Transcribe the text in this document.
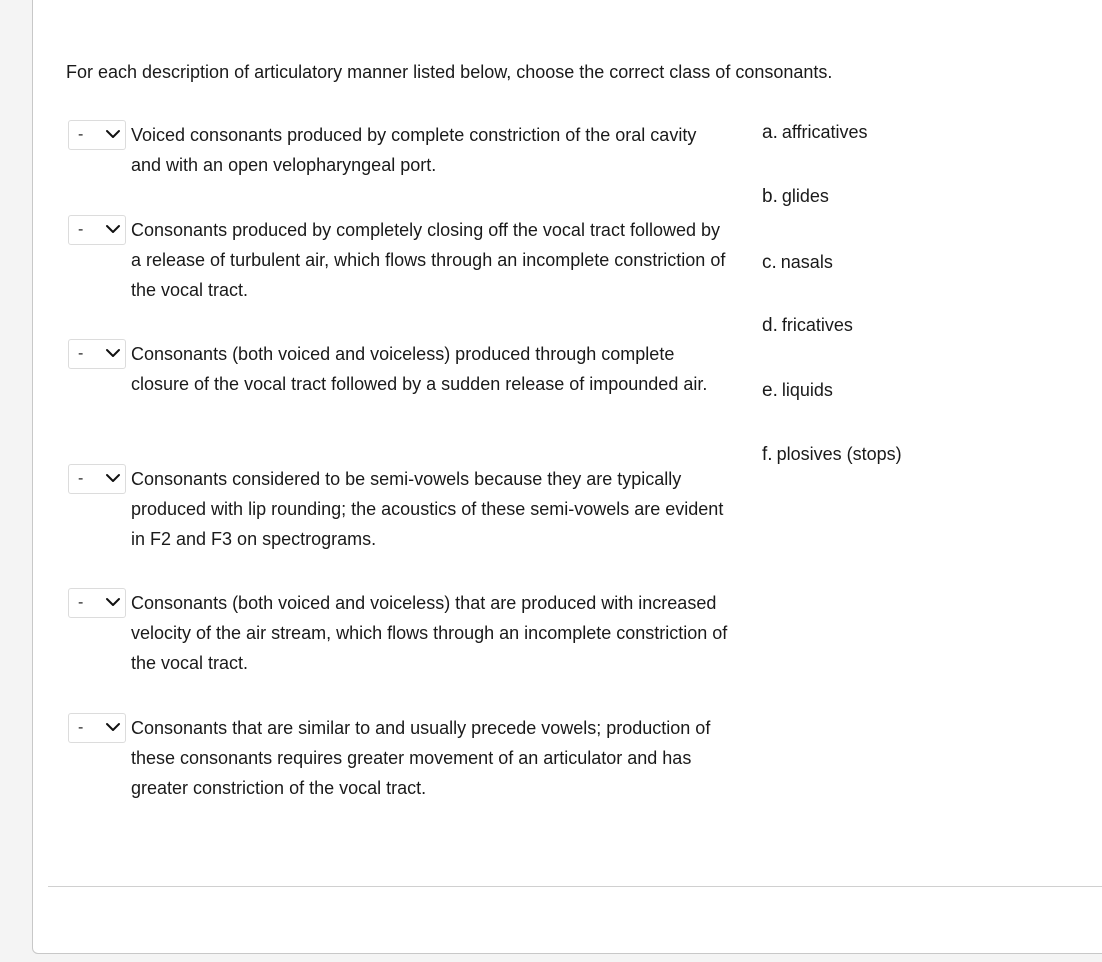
For each description of articulatory manner listed below, choose the correct class of consonants.
-	Voiced consonants produced by complete constriction of the oral cavity and with an open velopharyngeal port.
-	Consonants produced by completely closing off the vocal tract followed by a release of turbulent air, which flows through an incomplete constriction of the vocal tract.
-	Consonants (both voiced and voiceless) produced through complete closure of the vocal tract followed by a sudden release of impounded air.
-	Consonants considered to be semi-vowels because they are typically produced with lip rounding; the acoustics of these semi-vowels are evident in F2 and F3 on spectrograms.
-	Consonants (both voiced and voiceless) that are produced with increased velocity of the air stream, which flows through an incomplete constriction of the vocal tract.
-	Consonants that are similar to and usually precede vowels; production of these consonants requires greater movement of an articulator and has greater constriction of the vocal tract.
a. affricatives
b. glides
c. nasals
d. fricatives
e. liquids
f. plosives (stops)
